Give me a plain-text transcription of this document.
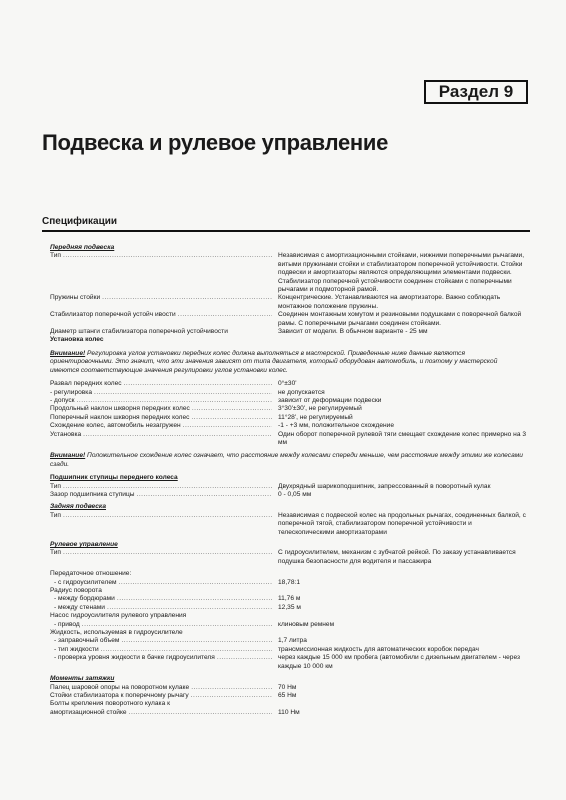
Раздел 9
Подвеска и рулевое управление
Спецификации
Передняя подвеска
Тип .....	Независимая с амортизационными стойками, нижними поперечными рычагами, витыми пружинами стойки и стабилизатором поперечной устойчивости. Стойки подвески и амортизаторы являются определяющими элементами подвески. Стабилизатор поперечной устойчивости соединен стойками с поперечными рычагами и подмоторной рамой.
Пружины стойки .....	Концентрические. Устанавливаются на амортизаторе. Важно соблюдать монтажное положение пружины.
Стабилизатор поперечной устойч ивости .....	Соединен монтажным хомутом и резиновыми подушками с поворечной балкой рамы. С поперечными рычагами соединен стойками.
Диаметр штанги стабилизатора поперечной устойчивости	Зависит от модели. В обычном варианте - 25 мм
Установка колес
Внимание! Регулировка углов установки передних колес должна выполняться в мастерской. Приведенные ниже данные являются ориентировочными. Это значит, что эти значения зависят от типа двигателя, который оборудован автомобиль, и поэтому у мастерской имеются соответствующие значения регулировки углов установки колес.
Развал передних колес .....	0°±30'
- регулировка .....	не допускается
- допуск .....	зависит от деформации подвески
Продольный наклон шкворня передних колес .....	3°30'±30', не регулируемый
Поперечный наклон шкворня передних колес .....	11°28', не регулируемый
Схождение колес, автомобиль незагружен .....	-1 - +3 мм, положительное схождение
Установка .....	Один оборот поперечной рулевой тяги смещает схождение колес примерно на 3 мм
Внимание! Положительное схождение колес означает, что расстояние между колесами спереди меньше, чем расстояние между этими же колесами сзади.
Подшипник ступицы переднего колеса
Тип .....	Двухрядный шарикоподшипник, запрессованный в поворотный кулак
Зазор подшипника ступицы .....	0 - 0,05 мм
Задняя подвеска
Тип .....	Независимая с подвеской колес на продольных рычагах, соединенных балкой, с поперечной тягой, стабилизатором поперечной устойчивости и телескопическими амортизаторами
Рулевое управление
Тип .....	С гидроусилителем, механизм с зубчатой рейкой. По заказу устанавливается подушка безопасности для водителя и пассажира
Передаточное отношение:
- с гидроусилителем .....	18,78:1
Радиус поворота
- между бордюрами .....	11,76 м
- между стенами .....	12,35 м
Насос гидроусилителя рулевого управления
- привод .....	клиновым ремнем
Жидкость, используемая в гидроусилителе
- заправочный объем .....	1,7 литра
- тип жидкости .....	трансмиссионная жидкость для автоматических коробок передач
- проверка уровня жидкости в бачке гидроусилителя .....	через каждые 15 000 км пробега (автомобили с дизельным двигателем - через каждые 10 000 км
Моменты затяжки
Палец шаровой опоры на поворотном кулаке .....	70 Нм
Стойки стабилизатора к поперечному рычагу .....	65 Нм
Болты крепления поворотного кулака к
амортизационной стойке .....	110 Нм
